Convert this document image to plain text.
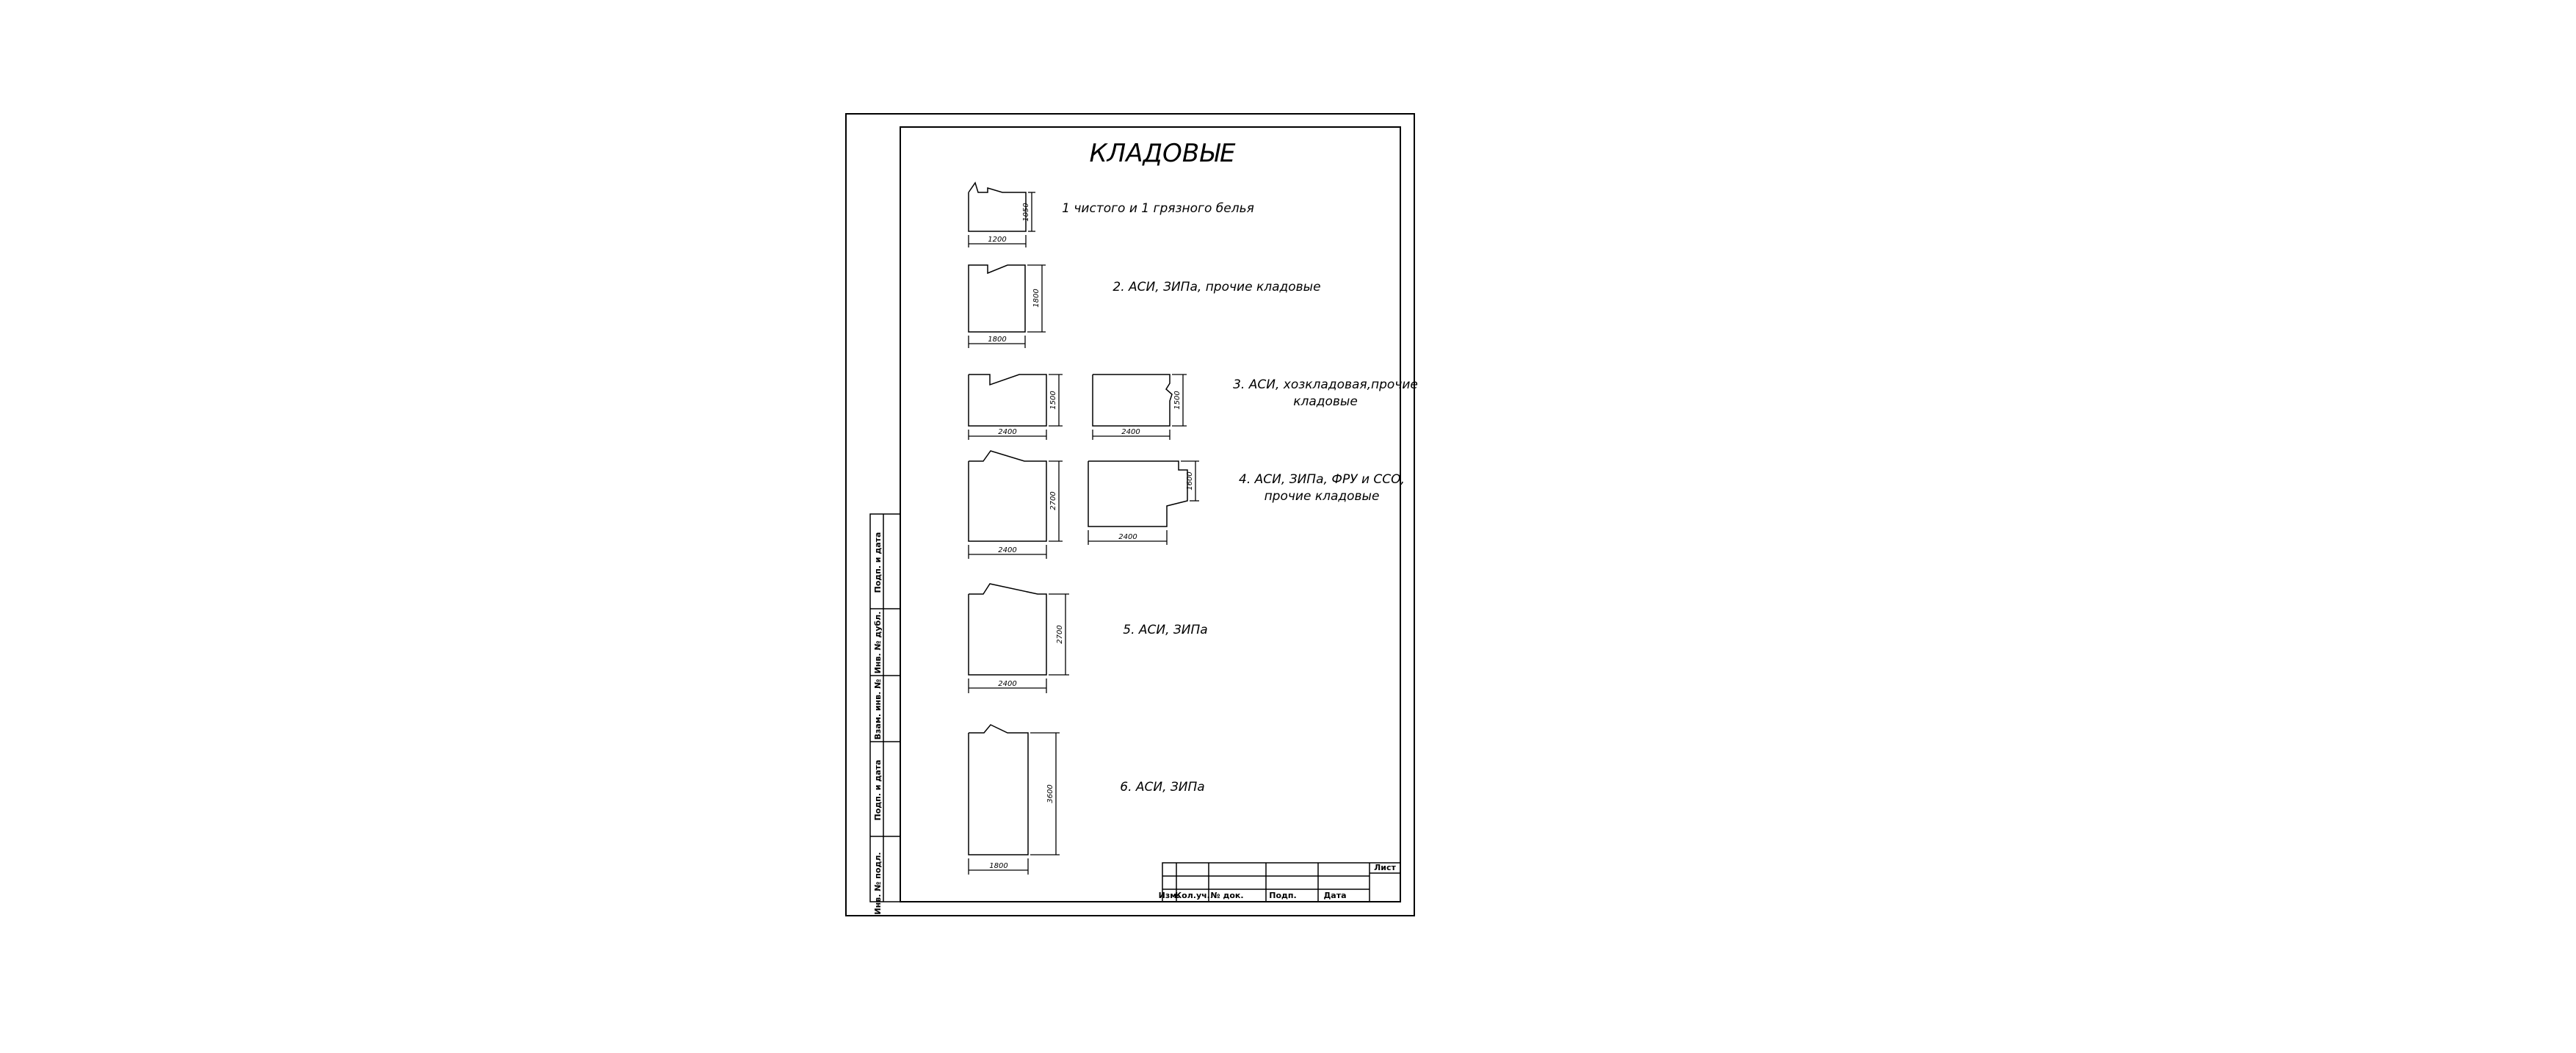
КЛАДОВЫЕ
1200
1050	1 чистого и 1 грязного белья
1800
1800
2. АСИ, ЗИПа, прочие кладовые
2400
1500
2400
1500
3. АСИ, хозкладовая,прочие
кладовые
2400
2700
2400
1600	4. АСИ, ЗИПа, ФРУ и ССО,
прочие кладовые
2400
2700	5. АСИ, ЗИПа
1800
3600	6. АСИ, ЗИПа
Инв. № подл.
Подп. и дата
Взам. инв. №
Инв. № дубл.
Подп. и дата
Лист
Изм.
Кол.уч. № док.	Подп.	Дата
